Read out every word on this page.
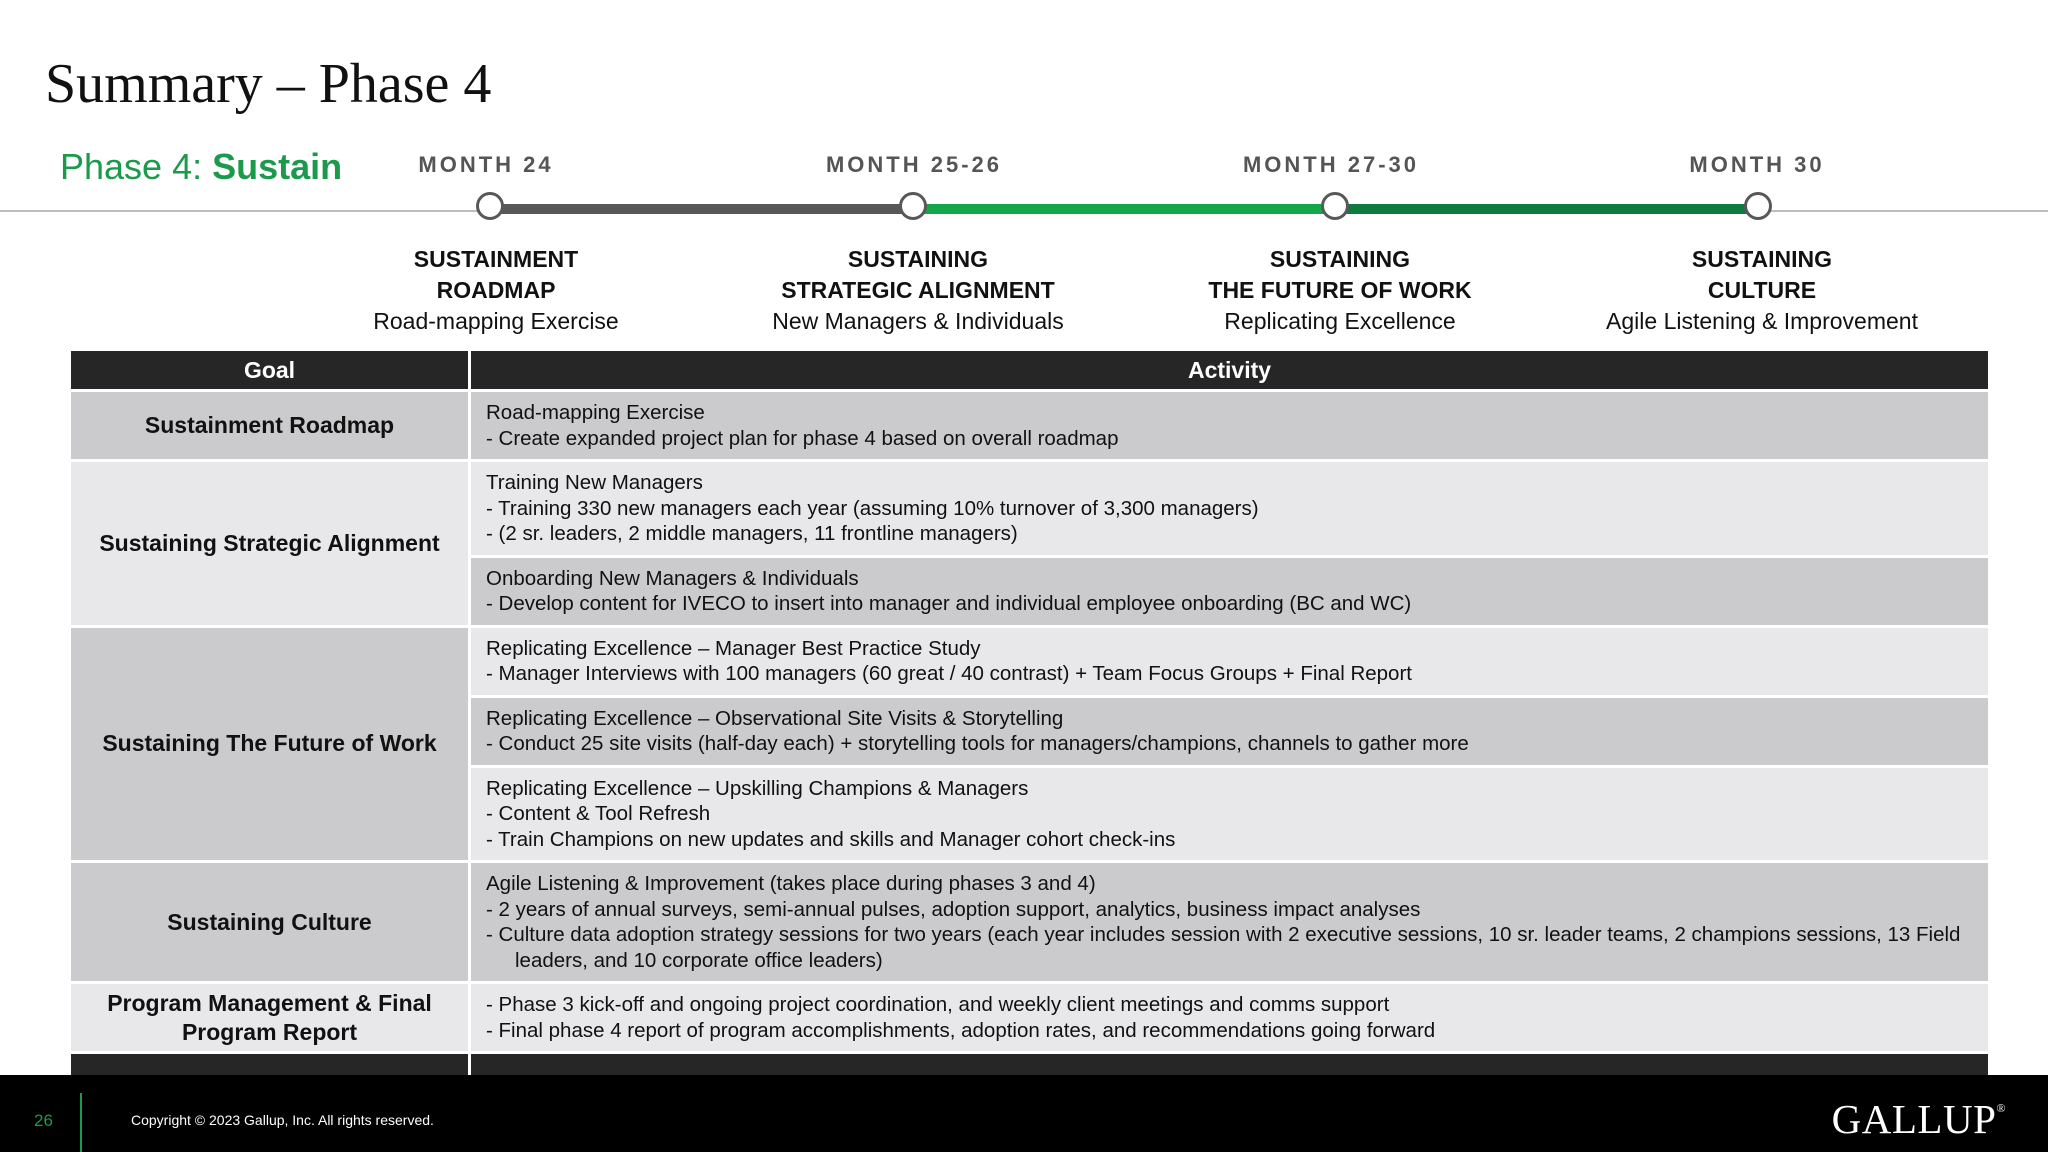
Summary – Phase 4
Phase 4: Sustain	MONTH 24	MONTH 25-26	MONTH 27-30	MONTH 30
SUSTAINMENT
ROADMAP
Road-mapping Exercise
SUSTAINING
STRATEGIC ALIGNMENT
New Managers & Individuals
SUSTAINING
THE FUTURE OF WORK
Replicating Excellence
SUSTAINING
CULTURE
Agile Listening & Improvement
Goal	Activity
Sustainment Roadmap	Road-mapping Exercise
- Create expanded project plan for phase 4 based on overall roadmap

Sustaining Strategic Alignment	Training New Managers
- Training 330 new managers each year (assuming 10% turnover of 3,300 managers)
- (2 sr. leaders, 2 middle managers, 11 frontline managers)

	Onboarding New Managers & Individuals
- Develop content for IVECO to insert into manager and individual employee onboarding (BC and WC)

Sustaining The Future of Work	Replicating Excellence – Manager Best Practice Study
- Manager Interviews with 100 managers (60 great / 40 contrast) + Team Focus Groups + Final Report

	Replicating Excellence – Observational Site Visits & Storytelling
- Conduct 25 site visits (half-day each) + storytelling tools for managers/champions, channels to gather more

	Replicating Excellence – Upskilling Champions & Managers
- Content & Tool Refresh
- Train Champions on new updates and skills and Manager cohort check-ins

Sustaining Culture	Agile Listening & Improvement (takes place during phases 3 and 4)
- 2 years of annual surveys, semi-annual pulses, adoption support, analytics, business impact analyses
- Culture data adoption strategy sessions for two years (each year includes session with 2 executive sessions, 10 sr. leader teams, 2 champions sessions, 13 Field leaders, and 10 corporate office leaders)

Program Management & Final
Program Report	- Phase 3 kick-off and ongoing project coordination, and weekly client meetings and comms support
- Final phase 4 report of program accomplishments, adoption rates, and recommendations going forward

26	Copyright © 2023 Gallup, Inc. All rights reserved.	GALLUP®
